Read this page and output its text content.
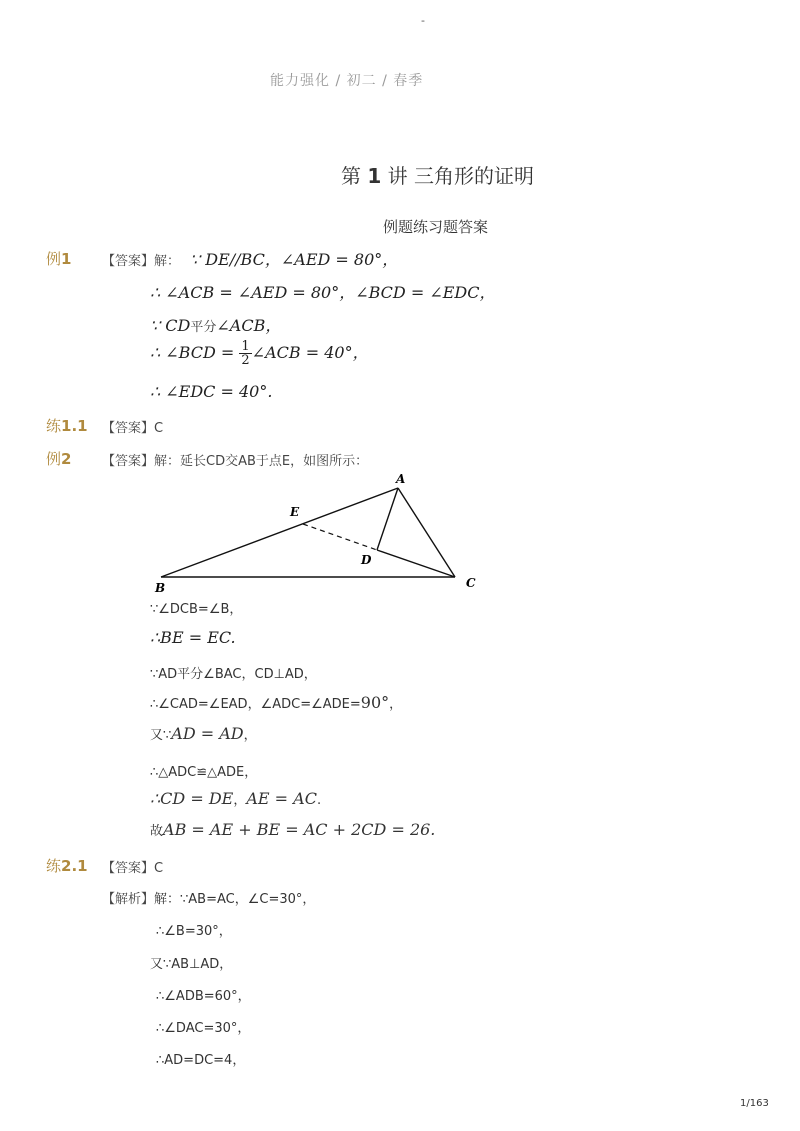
-
能力强化 / 初二 / 春季
第 1 讲 三角形的证明
例题练习题答案
例1 【答案】解： ∵ DE//BC，∠AED = 80°，
∴ ∠ACB = ∠AED = 80°，∠BCD = ∠EDC，
∵ CD平分∠ACB，
∴ ∠BCD = $\frac{1}{2}$ ∠ACB = 40°，
∴ ∠EDC = 40°.
练1.1 【答案】C
例2 【答案】解：延长CD交AB于点E，如图所示：
A
B	C
D
E
∵∠DCB=∠B，
∴BE = EC.
∵AD平分∠BAC，CD⊥AD，
∴∠CAD=∠EAD，∠ADC=∠ADE=90°，
又∵AD = AD，
∴△ADC≌△ADE，
∴CD = DE，AE = AC.
故AB = AE + BE = AC + 2CD = 26.
练2.1 【答案】C
【解析】解：∵AB=AC，∠C=30°，
∴∠B=30°，
又∵AB⊥AD，
∴∠ADB=60°，
∴∠DAC=30°，
∴AD=DC=4，
1/163
